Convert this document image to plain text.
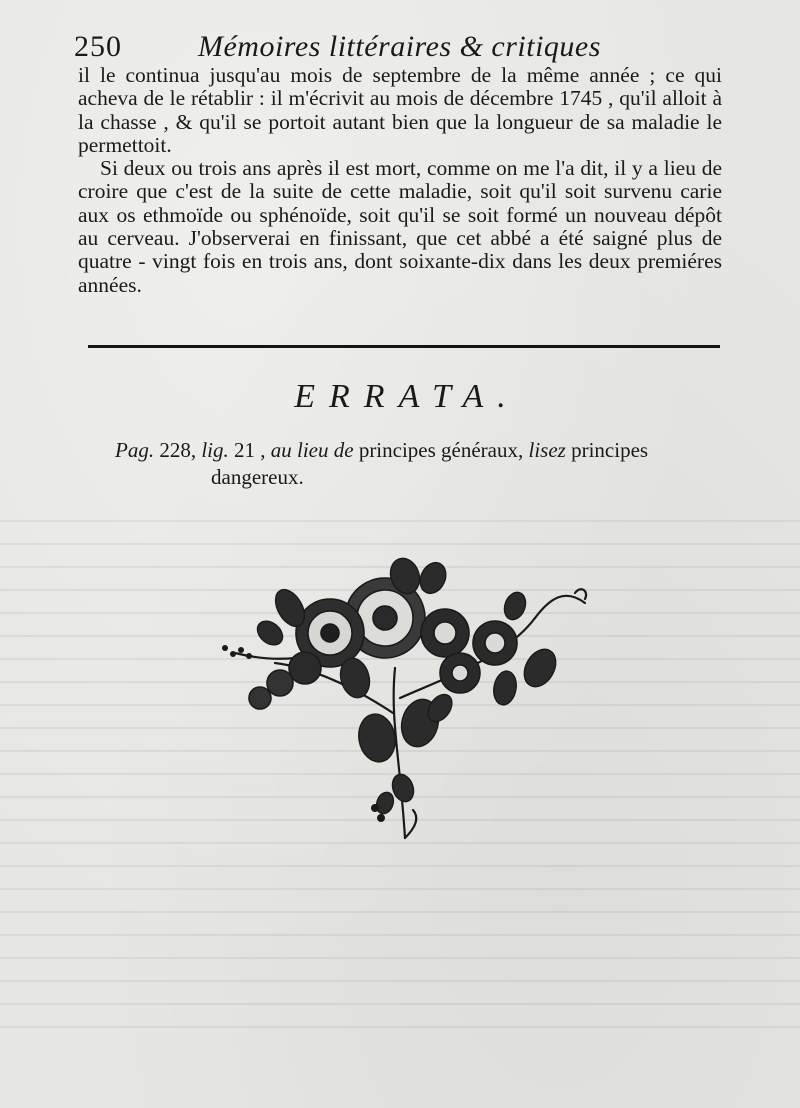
250	Mémoires littéraires & critiques

il le continua jusqu'au mois de septembre de la même année ; ce qui acheva de le rétablir : il m'écrivit au mois de décembre 1745 , qu'il alloit à la chasse , & qu'il se portoit autant bien que la longueur de sa maladie le permettoit.

Si deux ou trois ans après il est mort, comme on me l'a dit, il y a lieu de croire que c'est de la suite de cette maladie, soit qu'il soit survenu carie aux os ethmoïde ou sphénoïde, soit qu'il se soit formé un nouveau dépôt au cerveau. J'observerai en finissant, que cet abbé a été saigné plus de quatre - vingt fois en trois ans, dont soixante-dix dans les deux premiéres années.

ERRATA.
Pag. 228, lig. 21 , au lieu de principes généraux, lisez principes
dangereux.
